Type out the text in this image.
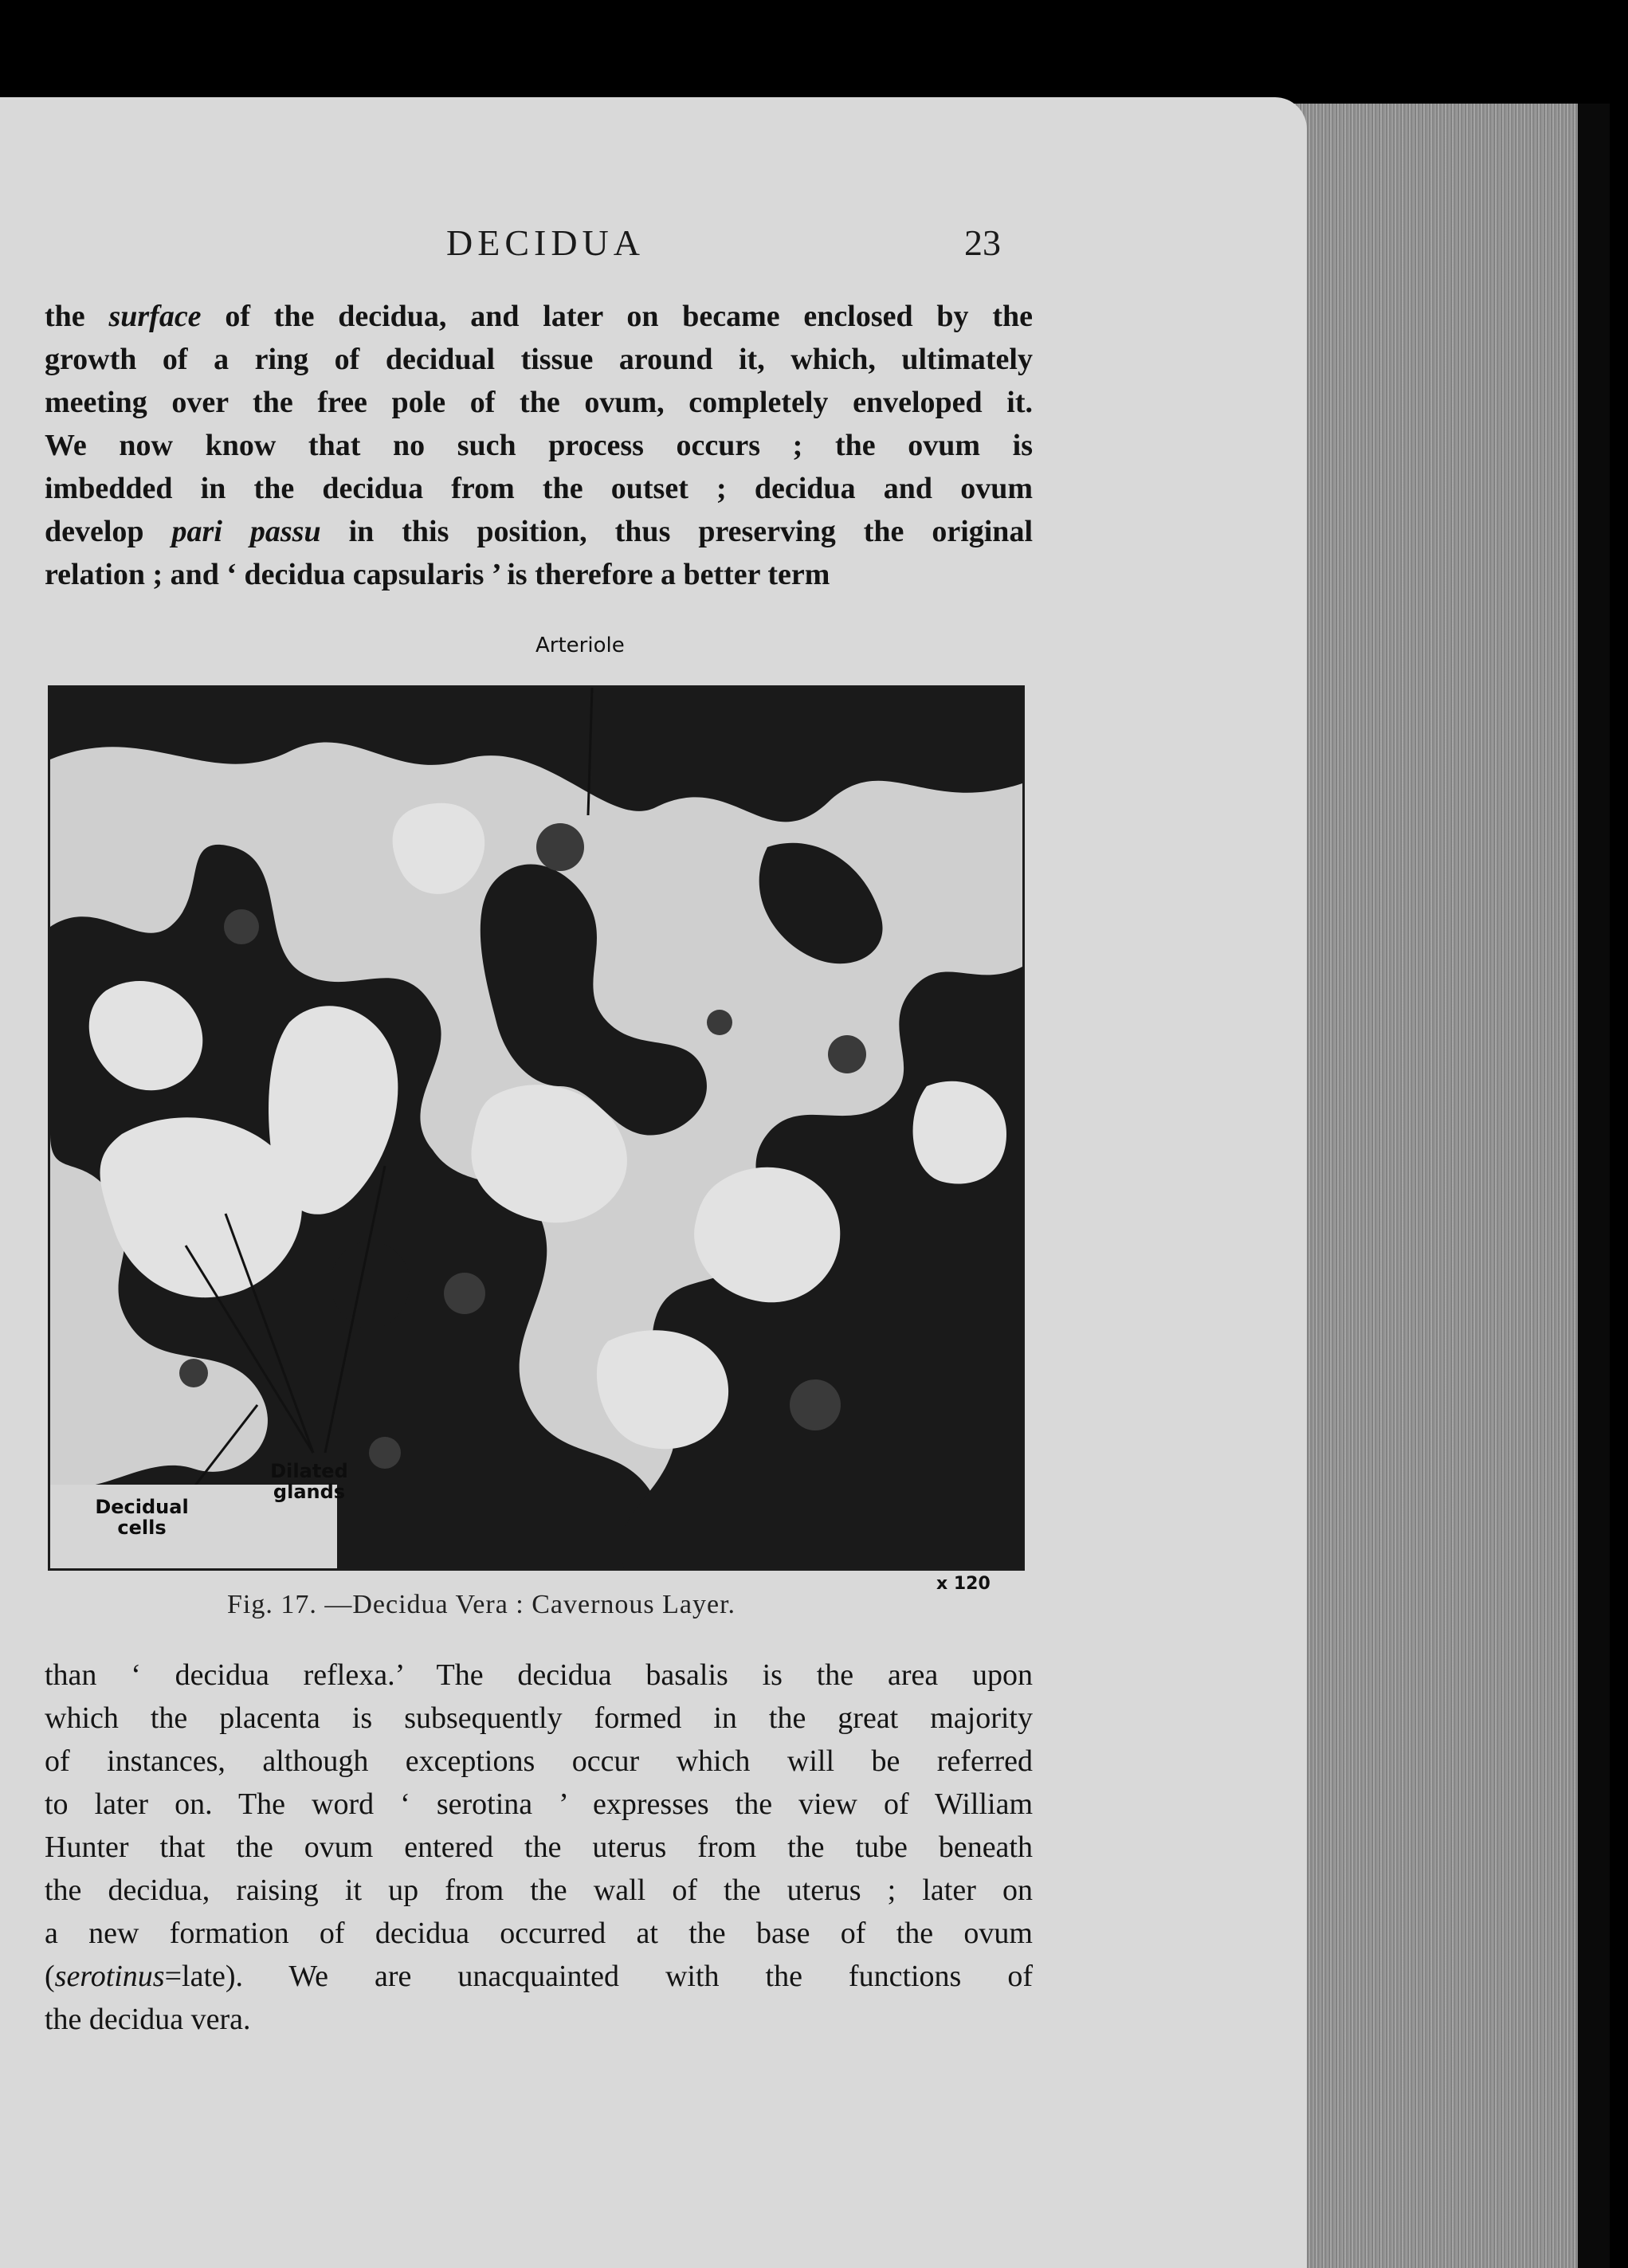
DECIDUA	23
the surface of the decidua, and later on became enclosed by the
growth of a ring of decidual tissue around it, which, ultimately
meeting over the free pole of the ovum, completely enveloped it.
We now know that no such process occurs ; the ovum is
imbedded in the decidua from the outset ; decidua and ovum
develop pari passu in this position, thus preserving the original
relation ; and ‘ decidua capsularis ’ is therefore a better term
Arteriole
Decidual cells
Dilated glands
x 120
Fig. 17. —Decidua Vera : Cavernous Layer.
than ‘ decidua reflexa.’ The decidua basalis is the area upon
which the placenta is subsequently formed in the great majority
of instances, although exceptions occur which will be referred
to later on. The word ‘ serotina ’ expresses the view of William
Hunter that the ovum entered the uterus from the tube beneath
the decidua, raising it up from the wall of the uterus ; later on
a new formation of decidua occurred at the base of the ovum
(serotinus=late). We are unacquainted with the functions of
the decidua vera.
